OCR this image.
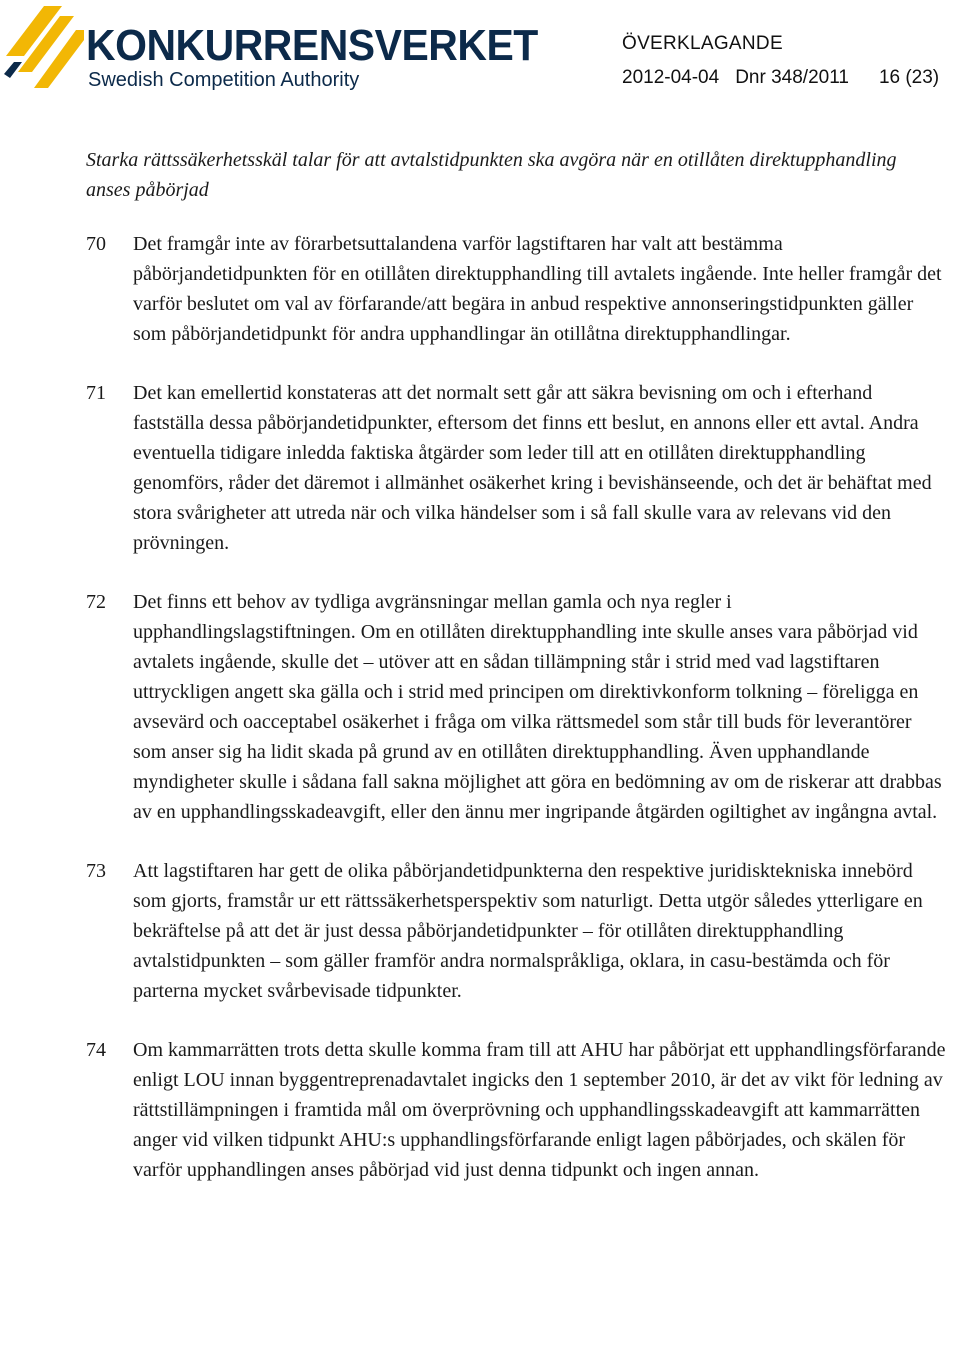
KONKURRENSVERKET
Swedish Competition Authority
ÖVERKLAGANDE
2012-04-04 Dnr 348/2011 16 (23)
Starka rättssäkerhetsskäl talar för att avtalstidpunkten ska avgöra när en otillåten direktupphandling anses påbörjad
70	Det framgår inte av förarbetsuttalandena varför lagstiftaren har valt att bestämma påbörjandetidpunkten för en otillåten direktupphandling till avtalets ingående. Inte heller framgår det varför beslutet om val av förfarande/att begära in anbud respektive annonseringstidpunkten gäller som påbörjandetidpunkt för andra upphandlingar än otillåtna direktupphandlingar.
71	Det kan emellertid konstateras att det normalt sett går att säkra bevisning om och i efterhand fastställa dessa påbörjandetidpunkter, eftersom det finns ett beslut, en annons eller ett avtal. Andra eventuella tidigare inledda faktiska åtgärder som leder till att en otillåten direktupphandling genomförs, råder det däremot i allmänhet osäkerhet kring i bevishänseende, och det är behäftat med stora svårigheter att utreda när och vilka händelser som i så fall skulle vara av relevans vid den prövningen.
72	Det finns ett behov av tydliga avgränsningar mellan gamla och nya regler i upphandlingslagstiftningen. Om en otillåten direktupphandling inte skulle anses vara påbörjad vid avtalets ingående, skulle det – utöver att en sådan tillämpning står i strid med vad lagstiftaren uttryckligen angett ska gälla och i strid med principen om direktivkonform tolkning – föreligga en avsevärd och oacceptabel osäkerhet i fråga om vilka rättsmedel som står till buds för leverantörer som anser sig ha lidit skada på grund av en otillåten direktupphandling. Även upphandlande myndigheter skulle i sådana fall sakna möjlighet att göra en bedömning av om de riskerar att drabbas av en upphandlingsskadeavgift, eller den ännu mer ingripande åtgärden ogiltighet av ingångna avtal.
73	Att lagstiftaren har gett de olika påbörjandetidpunkterna den respektive juridisktekniska innebörd som gjorts, framstår ur ett rättssäkerhetsperspektiv som naturligt. Detta utgör således ytterligare en bekräftelse på att det är just dessa påbörjandetidpunkter – för otillåten direktupphandling avtalstidpunkten – som gäller framför andra normalspråkliga, oklara, in casu-bestämda och för parterna mycket svårbevisade tidpunkter.
74	Om kammarrätten trots detta skulle komma fram till att AHU har påbörjat ett upphandlingsförfarande enligt LOU innan byggentreprenadavtalet ingicks den 1 september 2010, är det av vikt för ledning av rättstillämpningen i framtida mål om överprövning och upphandlingsskadeavgift att kammarrätten anger vid vilken tidpunkt AHU:s upphandlingsförfarande enligt lagen påbörjades, och skälen för varför upphandlingen anses påbörjad vid just denna tidpunkt och ingen annan.
